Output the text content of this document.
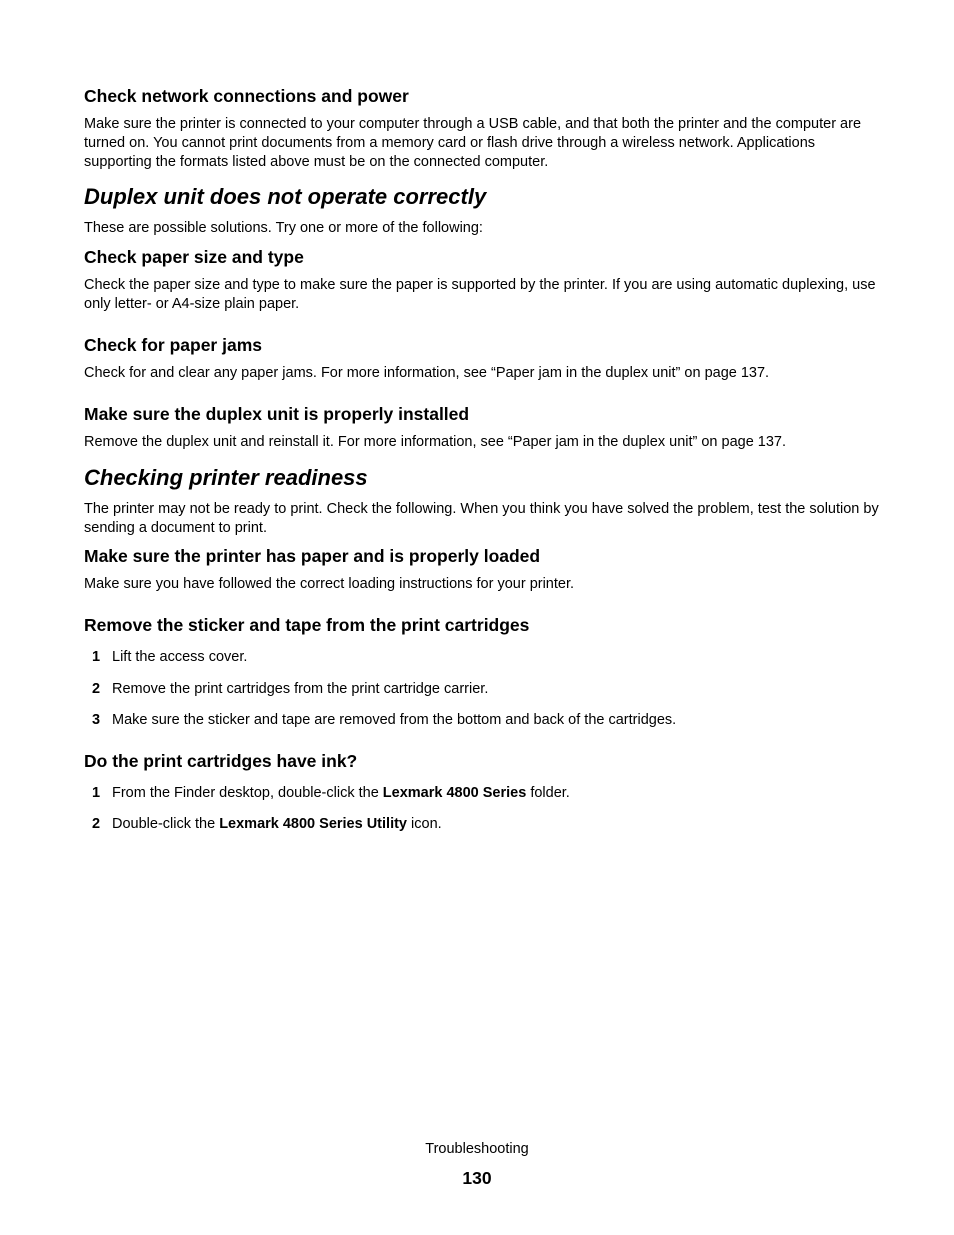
Check network connections and power

Make sure the printer is connected to your computer through a USB cable, and that both the printer and the computer are turned on. You cannot print documents from a memory card or flash drive through a wireless network. Applications supporting the formats listed above must be on the connected computer.

Duplex unit does not operate correctly

These are possible solutions. Try one or more of the following:

Check paper size and type

Check the paper size and type to make sure the paper is supported by the printer. If you are using automatic duplexing, use only letter- or A4-size plain paper.

Check for paper jams

Check for and clear any paper jams. For more information, see “Paper jam in the duplex unit” on page 137.

Make sure the duplex unit is properly installed

Remove the duplex unit and reinstall it. For more information, see “Paper jam in the duplex unit” on page 137.

Checking printer readiness

The printer may not be ready to print. Check the following. When you think you have solved the problem, test the solution by sending a document to print.

Make sure the printer has paper and is properly loaded

Make sure you have followed the correct loading instructions for your printer.

Remove the sticker and tape from the print cartridges
1 Lift the access cover.
2 Remove the print cartridges from the print cartridge carrier.
3 Make sure the sticker and tape are removed from the bottom and back of the cartridges.
Do the print cartridges have ink?
1 From the Finder desktop, double-click the Lexmark 4800 Series folder.
2 Double-click the Lexmark 4800 Series Utility icon.
Troubleshooting
130
